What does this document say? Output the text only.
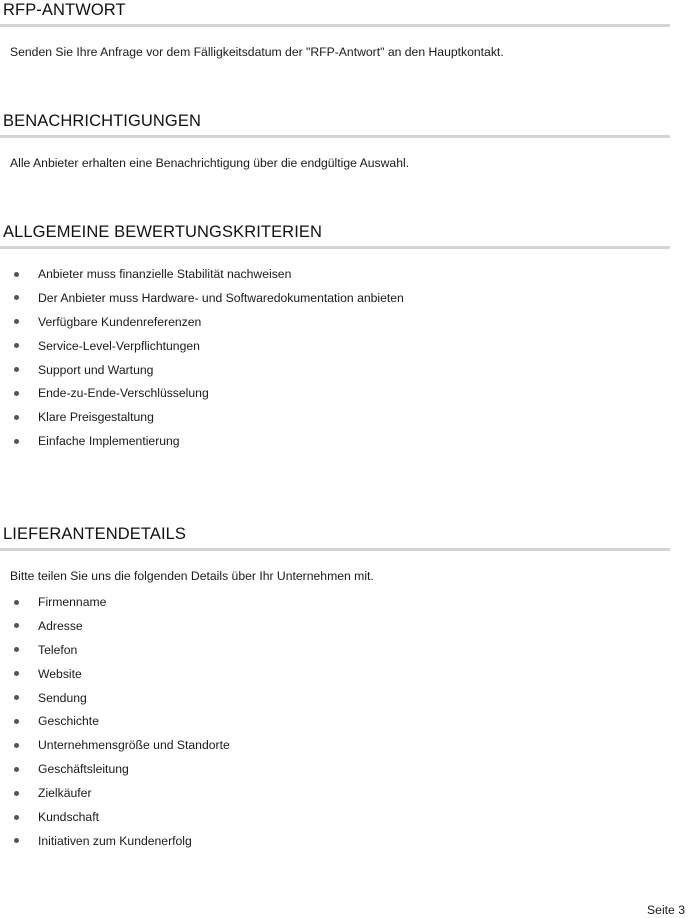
RFP-ANTWORT

Senden Sie Ihre Anfrage vor dem Fälligkeitsdatum der "RFP-Antwort" an den Hauptkontakt.

BENACHRICHTIGUNGEN

Alle Anbieter erhalten eine Benachrichtigung über die endgültige Auswahl.

ALLGEMEINE BEWERTUNGSKRITERIEN
Anbieter muss finanzielle Stabilität nachweisen
Der Anbieter muss Hardware- und Softwaredokumentation anbieten
Verfügbare Kundenreferenzen
Service-Level-Verpflichtungen
Support und Wartung
Ende-zu-Ende-Verschlüsselung
Klare Preisgestaltung
Einfache Implementierung
LIEFERANTENDETAILS

Bitte teilen Sie uns die folgenden Details über Ihr Unternehmen mit.

Firmenname
Adresse
Telefon
Website
Sendung
Geschichte
Unternehmensgröße und Standorte
Geschäftsleitung
Zielkäufer
Kundschaft
Initiativen zum Kundenerfolg
Seite 3
